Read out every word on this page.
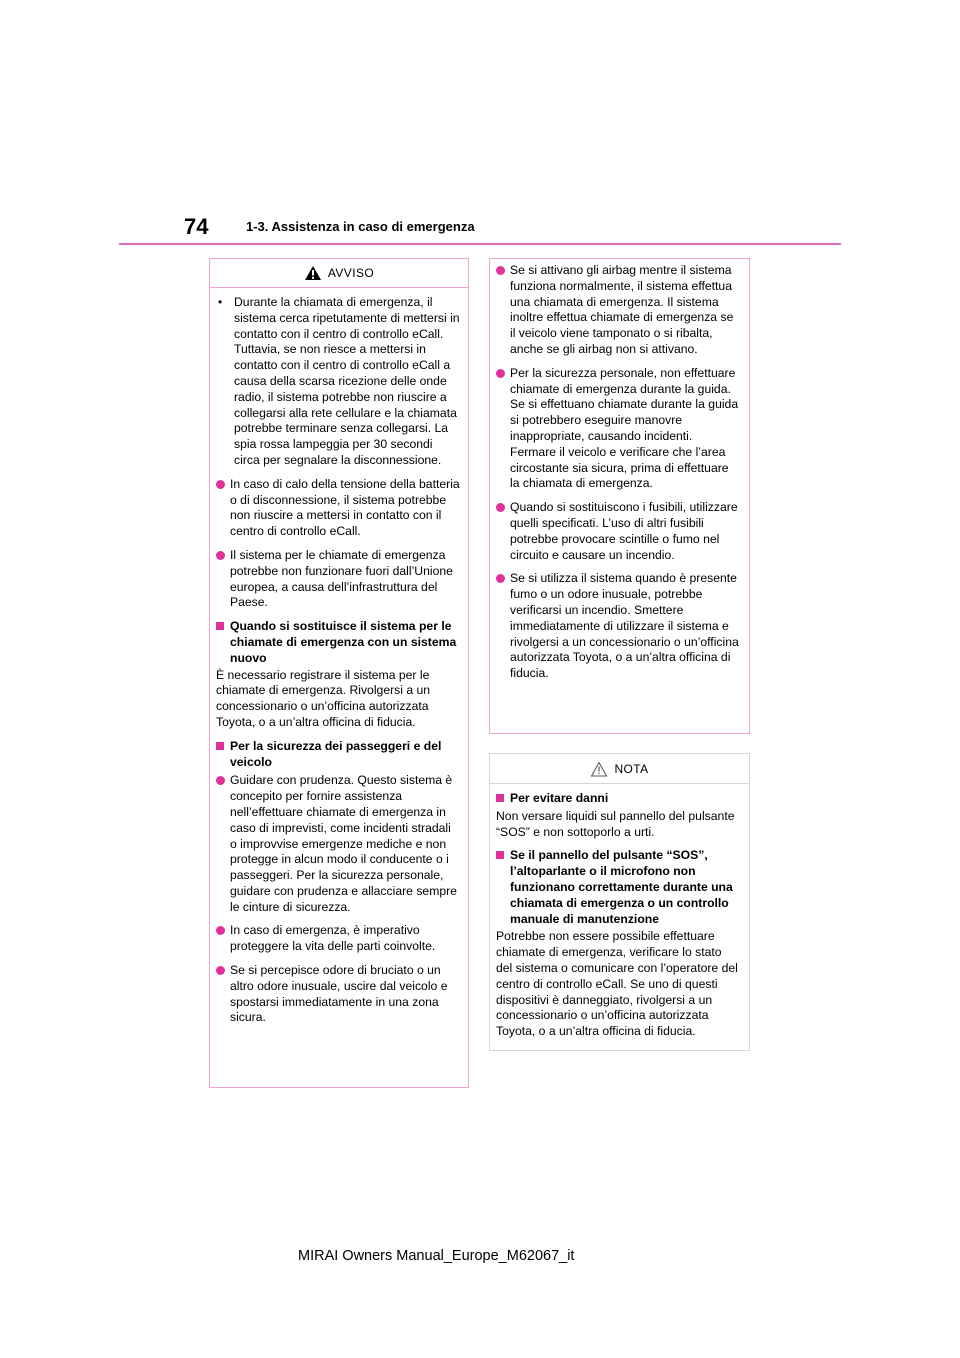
74	1-3. Assistenza in caso di emergenza
AVVISO
• Durante la chiamata di emergenza, il sistema cerca ripetutamente di mettersi in contatto con il centro di controllo eCall. Tuttavia, se non riesce a mettersi in contatto con il centro di controllo eCall a causa della scarsa ricezione delle onde radio, il sistema potrebbe non riuscire a collegarsi alla rete cellulare e la chiamata potrebbe terminare senza collegarsi. La spia rossa lampeggia per 30 secondi circa per segnalare la disconnessione.
In caso di calo della tensione della batteria o di disconnessione, il sistema potrebbe non riuscire a mettersi in contatto con il centro di controllo eCall.
Il sistema per le chiamate di emergenza potrebbe non funzionare fuori dall’Unione europea, a causa dell’infrastruttura del Paese.
Quando si sostituisce il sistema per le chiamate di emergenza con un sistema nuovo
È necessario registrare il sistema per le chiamate di emergenza. Rivolgersi a un concessionario o un’officina autorizzata Toyota, o a un’altra officina di fiducia.
Per la sicurezza dei passeggeri e del veicolo
Guidare con prudenza. Questo sistema è concepito per fornire assistenza nell’effettuare chiamate di emergenza in caso di imprevisti, come incidenti stradali o improvvise emergenze mediche e non protegge in alcun modo il conducente o i passeggeri. Per la sicurezza personale, guidare con prudenza e allacciare sempre le cinture di sicurezza.
In caso di emergenza, è imperativo proteggere la vita delle parti coinvolte.
Se si percepisce odore di bruciato o un altro odore inusuale, uscire dal veicolo e spostarsi immediatamente in una zona sicura.
Se si attivano gli airbag mentre il sistema funziona normalmente, il sistema effettua una chiamata di emergenza. Il sistema inoltre effettua chiamate di emergenza se il veicolo viene tamponato o si ribalta, anche se gli airbag non si attivano.
Per la sicurezza personale, non effettuare chiamate di emergenza durante la guida.
Se si effettuano chiamate durante la guida si potrebbero eseguire manovre inappropriate, causando incidenti. Fermare il veicolo e verificare che l’area circostante sia sicura, prima di effettuare la chiamata di emergenza.
Quando si sostituiscono i fusibili, utilizzare quelli specificati. L’uso di altri fusibili potrebbe provocare scintille o fumo nel circuito e causare un incendio.
Se si utilizza il sistema quando è presente fumo o un odore inusuale, potrebbe verificarsi un incendio. Smettere immediatamente di utilizzare il sistema e rivolgersi a un concessionario o un’officina autorizzata Toyota, o a un’altra officina di fiducia.
NOTA
Per evitare danni
Non versare liquidi sul pannello del pulsante “SOS” e non sottoporlo a urti.
Se il pannello del pulsante “SOS”, l’altoparlante o il microfono non funzionano correttamente durante una chiamata di emergenza o un controllo manuale di manutenzione
Potrebbe non essere possibile effettuare chiamate di emergenza, verificare lo stato del sistema o comunicare con l’operatore del centro di controllo eCall. Se uno di questi dispositivi è danneggiato, rivolgersi a un concessionario o un’officina autorizzata Toyota, o a un’altra officina di fiducia.
MIRAI Owners Manual_Europe_M62067_it
